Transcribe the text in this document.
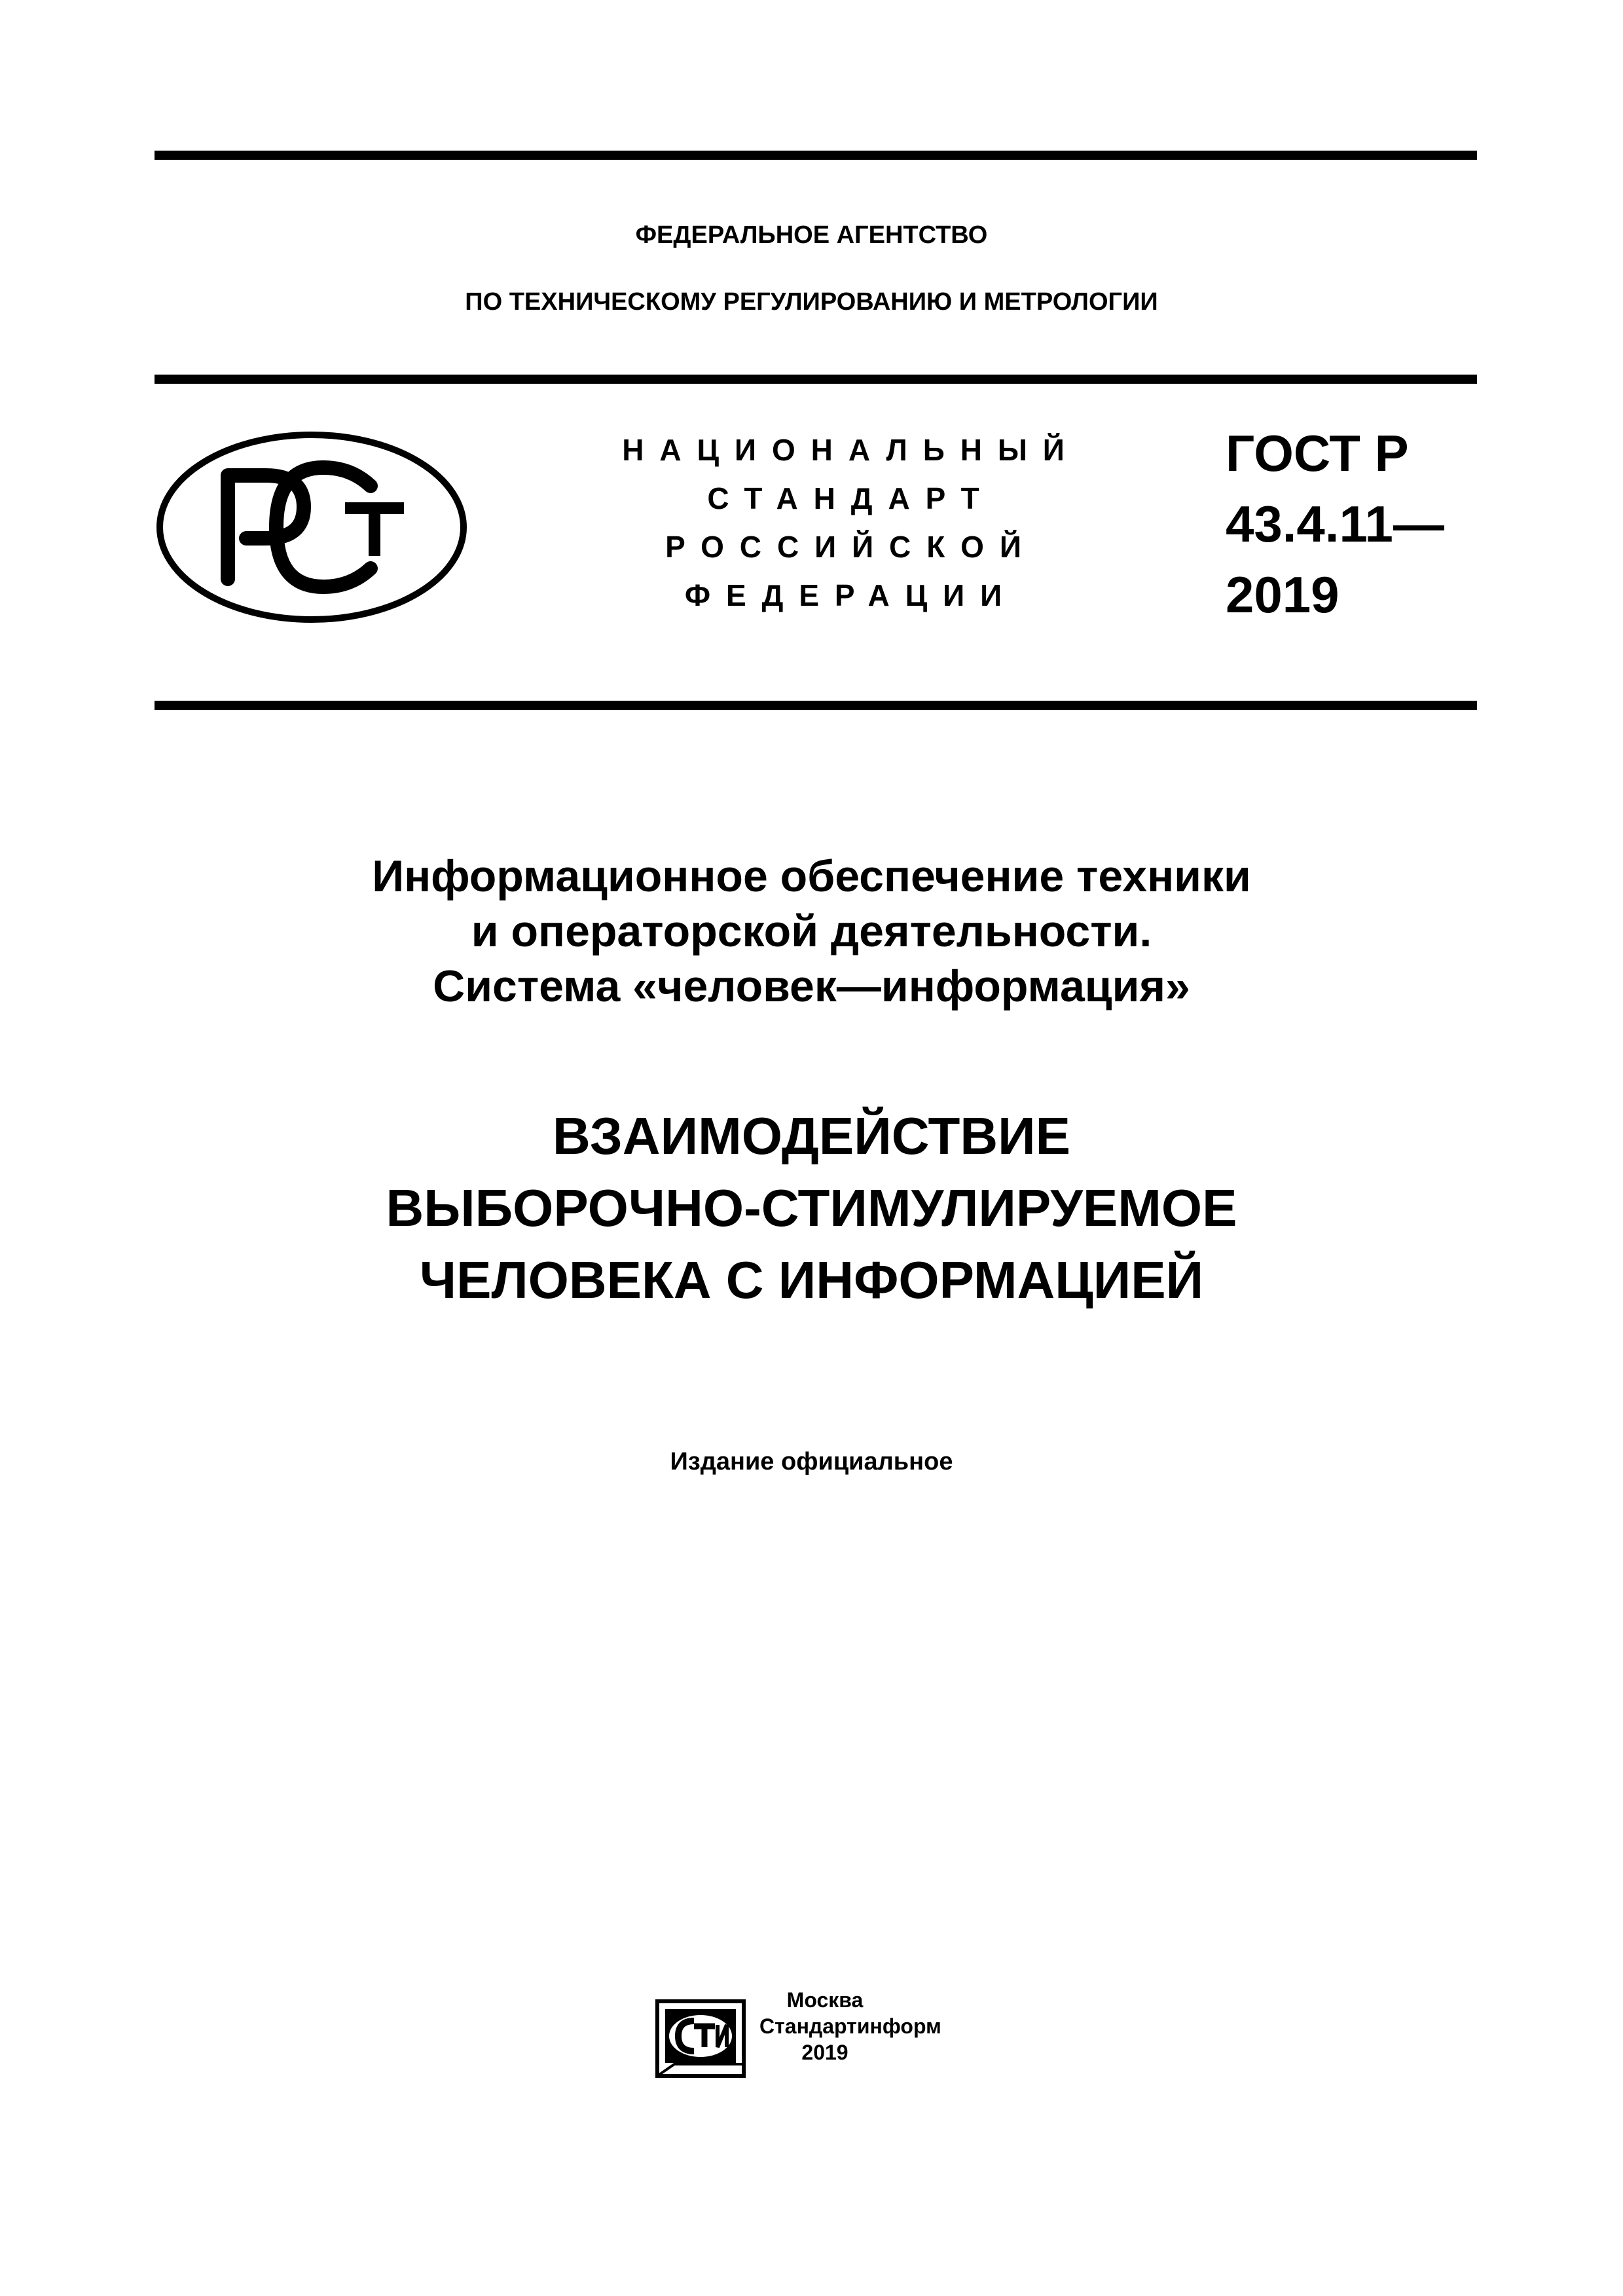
ФЕДЕРАЛЬНОЕ АГЕНТСТВО
ПО ТЕХНИЧЕСКОМУ РЕГУЛИРОВАНИЮ И МЕТРОЛОГИИ
НАЦИОНАЛЬНЫЙ
СТАНДАРТ
РОССИЙСКОЙ
ФЕДЕРАЦИИ
ГОСТ Р
43.4.11—
2019
Информационное обеспечение техники
и операторской деятельности.
Система «человек—информация»
ВЗАИМОДЕЙСТВИЕ
ВЫБОРОЧНО-СТИМУЛИРУЕМОЕ
ЧЕЛОВЕКА С ИНФОРМАЦИЕЙ
Издание официальное
Москва
Стандартинформ
2019
